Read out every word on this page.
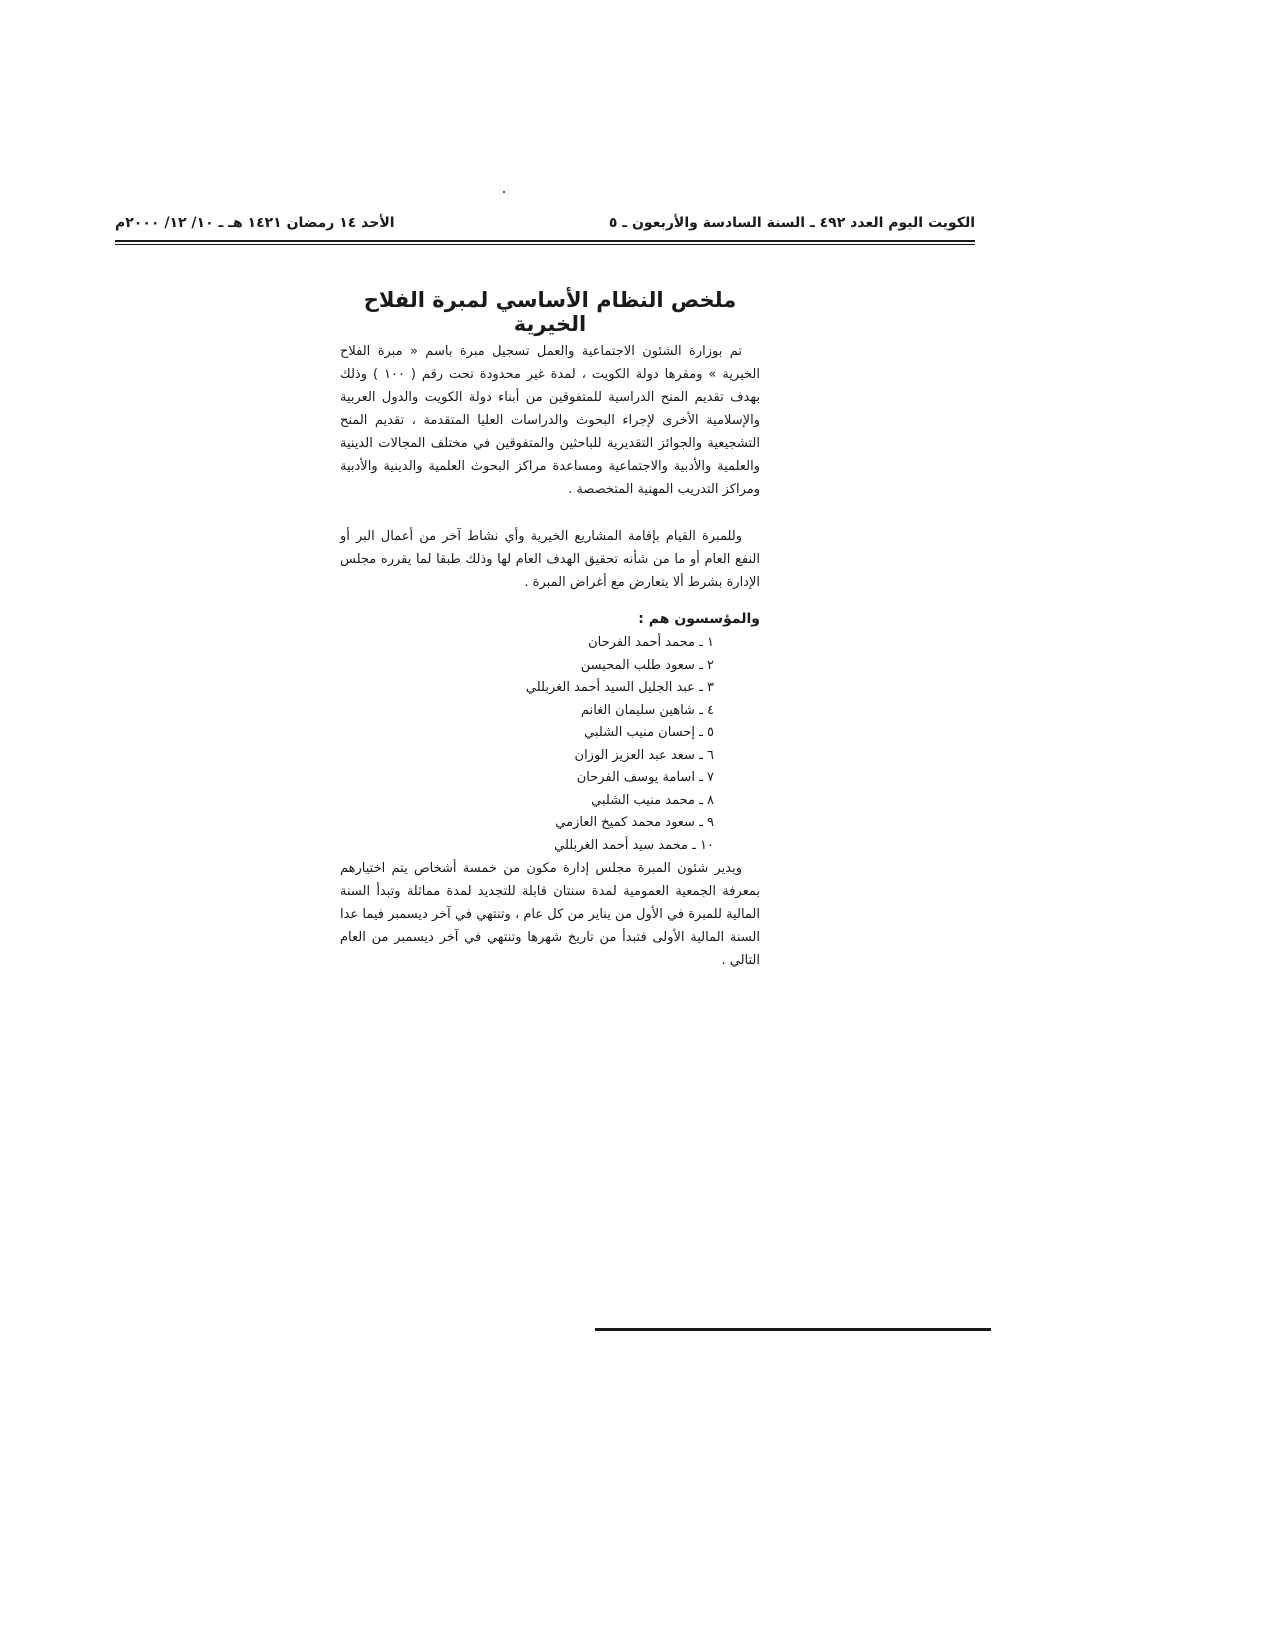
الكويت اليوم العدد ٤٩٢ ـ السنة السادسة والأربعون ـ ٥
الأحد ١٤ رمضان ١٤٢١ هـ ـ ١٠/ ١٢/ ٢٠٠٠م
ملخص النظام الأساسي لمبرة الفلاح الخيرية

تم بوزارة الشئون الاجتماعية والعمل تسجيل مبرة باسم « مبرة الفلاح الخيرية » ومقرها دولة الكويت ، لمدة غير محدودة تحت رقم ( ١٠٠ ) وذلك بهدف تقديم المنح الدراسية للمتفوقين من أبناء دولة الكويت والدول العربية والإسلامية الأخرى لإجراء البحوث والدراسات العليا المتقدمة ، تقديم المنح التشجيعية والجوائز التقديرية للباحثين والمتفوقين في مختلف المجالات الدينية والعلمية والأدبية والاجتماعية ومساعدة مراكز البحوث العلمية والدينية والأدبية ومراكز التدريب المهنية المتخصصة .

وللمبرة القيام بإقامة المشاريع الخيرية وأي نشاط آخر من أعمال البر أو النفع العام أو ما من شأنه تحقيق الهدف العام لها وذلك طبقا لما يقرره مجلس الإدارة بشرط ألا يتعارض مع أغراض المبرة .

والمؤسسون هم :
١ ـ محمد أحمد الفرحان
٢ ـ سعود طلب المحيسن
٣ ـ عبد الجليل السيد أحمد الغربللي
٤ ـ شاهين سليمان الغانم
٥ ـ إحسان منيب الشلبي
٦ ـ سعد عبد العزيز الوزان
٧ ـ اسامة يوسف الفرحان
٨ ـ محمد منيب الشلبي
٩ ـ سعود محمد كميخ العازمي
١٠ ـ محمد سيد أحمد الغربللي

ويدير شئون المبرة مجلس إدارة مكون من خمسة أشخاص يتم اختيارهم بمعرفة الجمعية العمومية لمدة سنتان قابلة للتجديد لمدة مماثلة وتبدأ السنة المالية للمبرة في الأول من يناير من كل عام ، وتنتهي في آخر ديسمبر فيما عدا السنة المالية الأولى فتبدأ من تاريخ شهرها وتنتهي في آخر ديسمبر من العام التالي .
